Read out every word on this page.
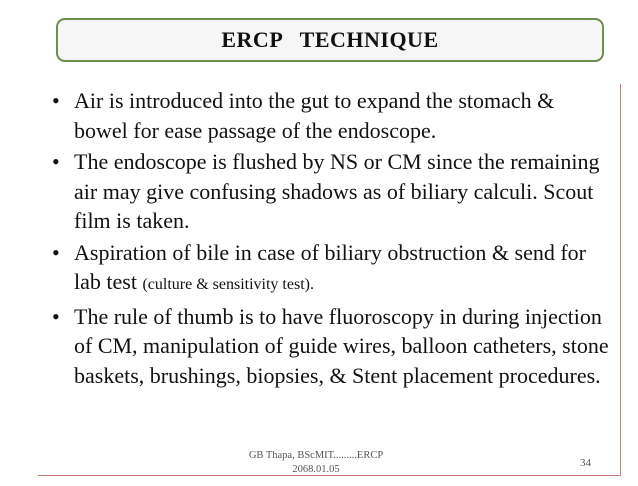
ERCP   TECHNIQUE
• Air is introduced into the gut to expand the stomach & bowel for ease passage of the endoscope.
• The endoscope is flushed by NS or CM since the remaining air may give confusing shadows as of biliary calculi. Scout film is taken.
• Aspiration of bile in case of biliary obstruction & send for lab test (culture & sensitivity test).
• The rule of thumb is to have fluoroscopy in during injection of CM, manipulation of guide wires, balloon catheters, stone baskets, brushings, biopsies, & Stent placement procedures.
GB Thapa, BScMIT.........ERCP
2068.01.05
34
